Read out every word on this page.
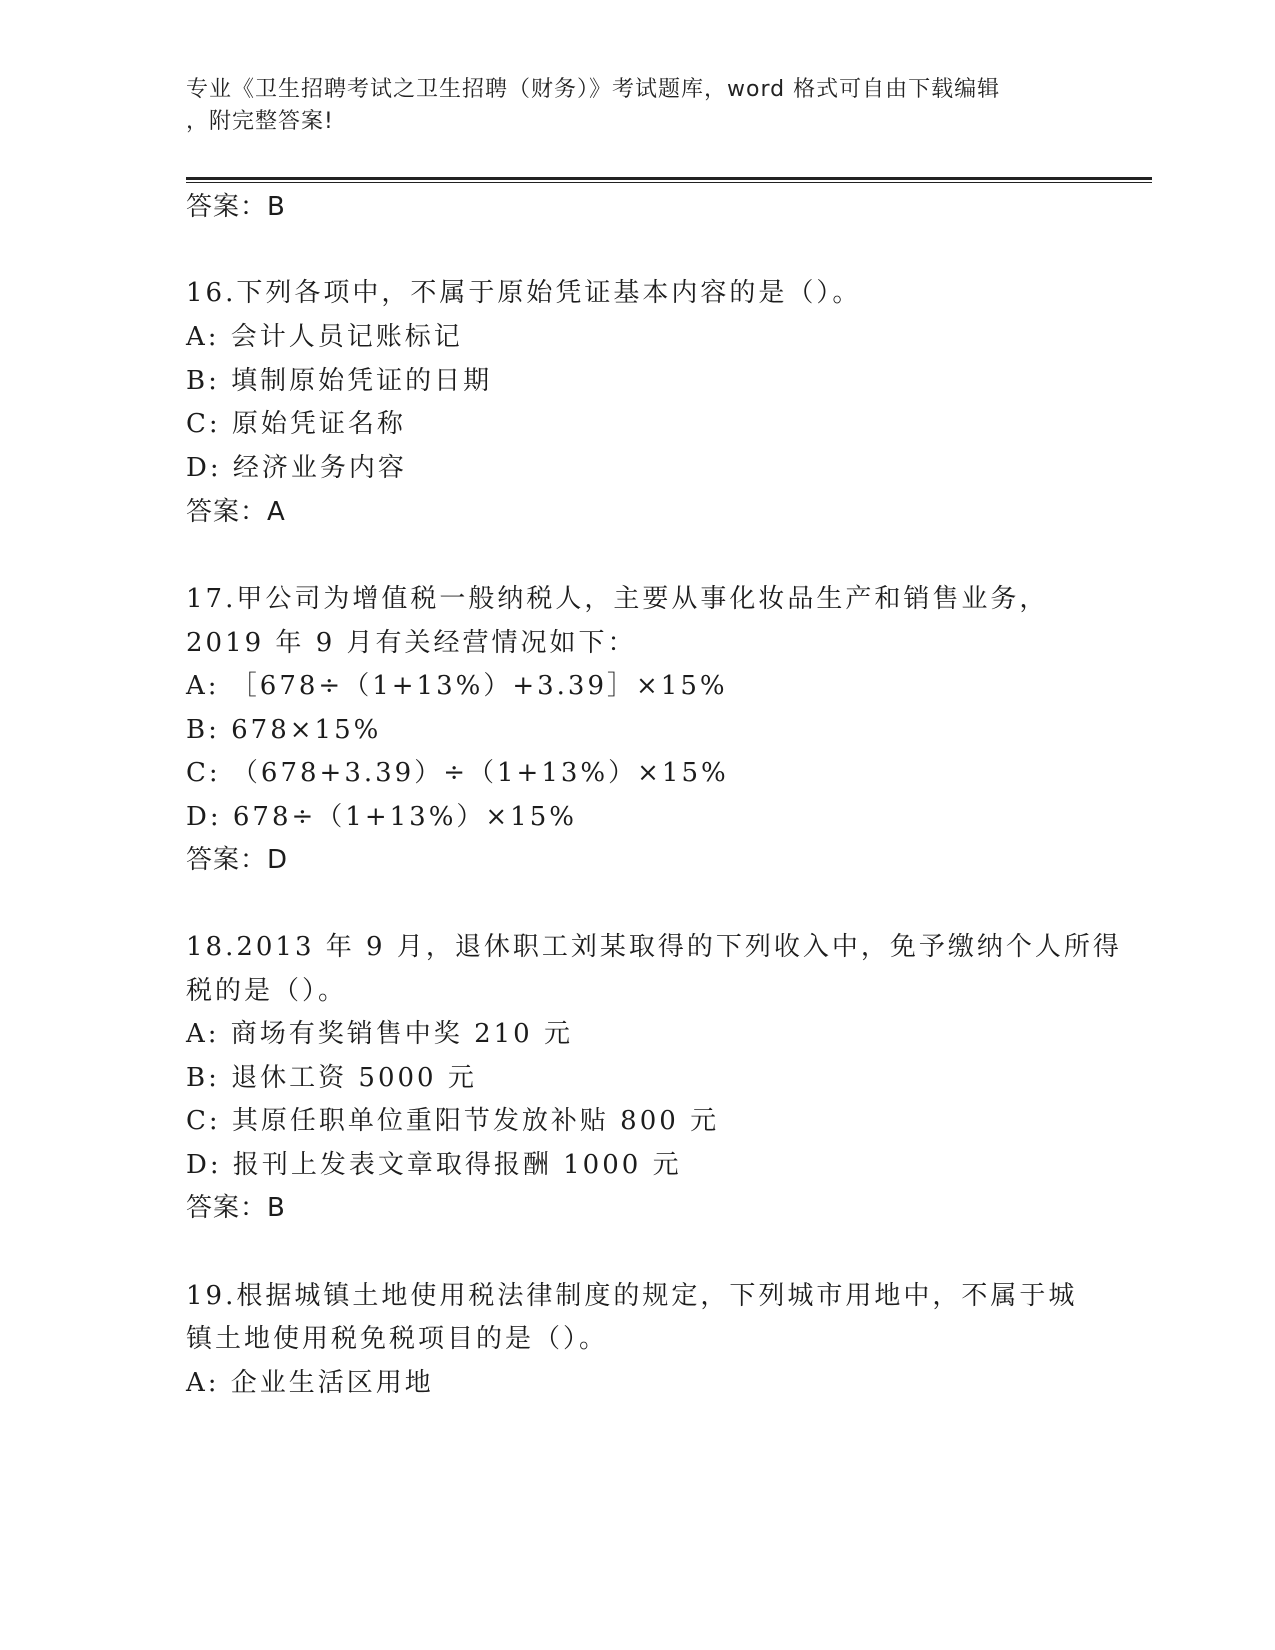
专业《卫生招聘考试之卫生招聘（财务）》考试题库，word 格式可自由下载编辑
，附完整答案!
答案：B
16.下列各项中，不属于原始凭证基本内容的是（）。
A: 会计人员记账标记
B: 填制原始凭证的日期
C: 原始凭证名称
D: 经济业务内容
答案：A
17.甲公司为增值税一般纳税人，主要从事化妆品生产和销售业务，
2019 年 9 月有关经营情况如下：
A: ［678÷（1+13%）+3.39］×15%
B: 678×15%
C: （678+3.39）÷（1+13%）×15%
D: 678÷（1+13%）×15%
答案：D
18.2013 年 9 月，退休职工刘某取得的下列收入中，免予缴纳个人所得
税的是（）。
A: 商场有奖销售中奖 210 元
B: 退休工资 5000 元
C: 其原任职单位重阳节发放补贴 800 元
D: 报刊上发表文章取得报酬 1000 元
答案：B
19.根据城镇土地使用税法律制度的规定，下列城市用地中，不属于城
镇土地使用税免税项目的是（）。
A: 企业生活区用地
